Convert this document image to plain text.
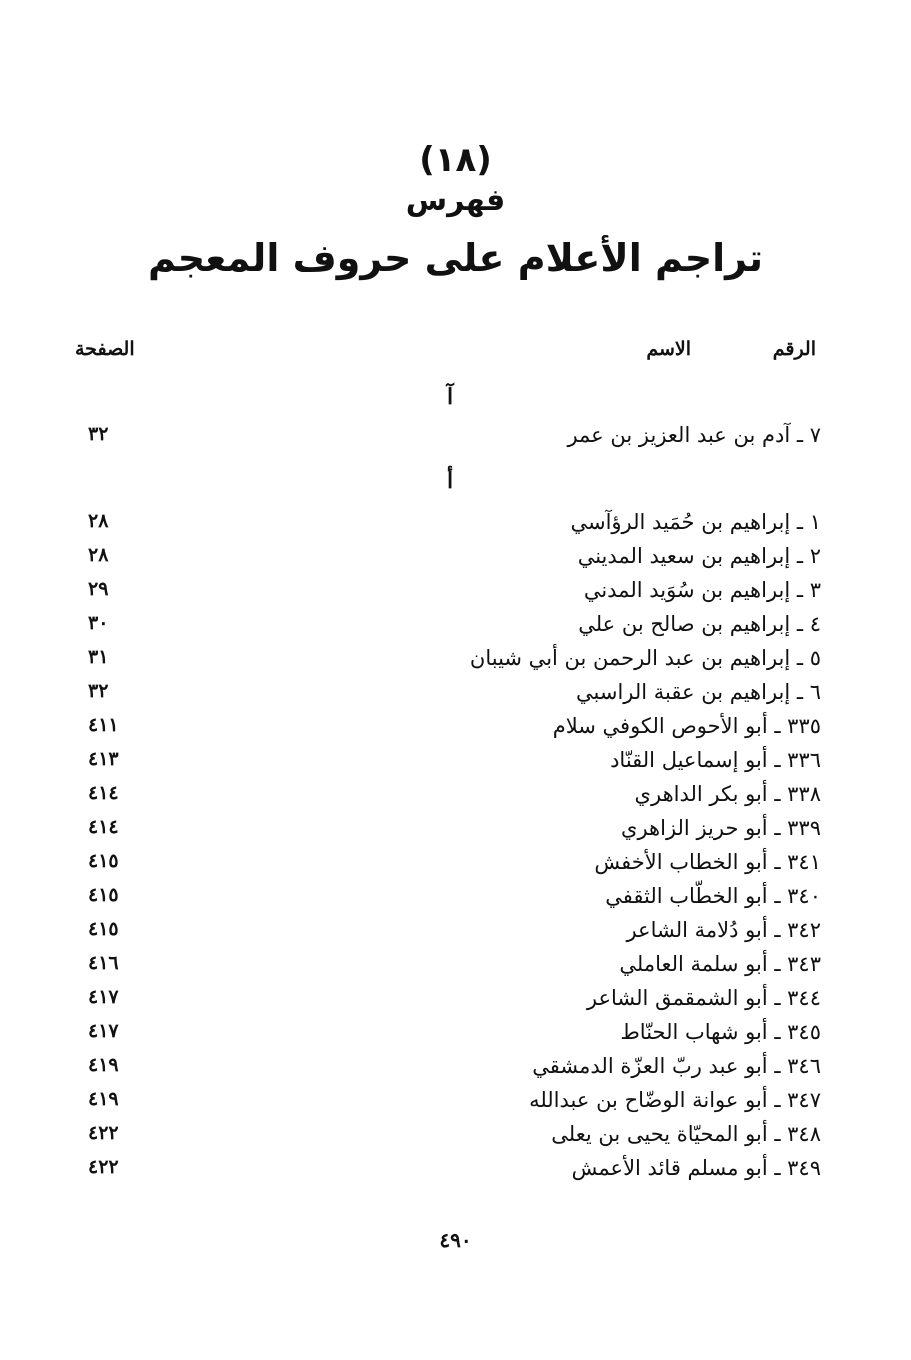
(١٨)
فهرس
تراجم الأعلام على حروف المعجم
الرقم
الاسم
الصفحة
آ
٧ ـ آدم بن عبد العزيز بن عمر
٣٢
أ
١ ـ إبراهيم بن حُمَيد الرؤآسي
٢٨
٢ ـ إبراهيم بن سعيد المديني
٢٨
٣ ـ إبراهيم بن سُوَيد المدني
٢٩
٤ ـ إبراهيم بن صالح بن علي
٣٠
٥ ـ إبراهيم بن عبد الرحمن بن أبي شيبان
٣١
٦ ـ إبراهيم بن عقبة الراسبي
٣٢
٣٣٥ ـ أبو الأحوص الكوفي سلام
٤١١
٣٣٦ ـ أبو إسماعيل القنّاد
٤١٣
٣٣٨ ـ أبو بكر الداهري
٤١٤
٣٣٩ ـ أبو حريز الزاهري
٤١٤
٣٤١ ـ أبو الخطاب الأخفش
٤١٥
٣٤٠ ـ أبو الخطّاب الثقفي
٤١٥
٣٤٢ ـ أبو دُلامة الشاعر
٤١٥
٣٤٣ ـ أبو سلمة العاملي
٤١٦
٣٤٤ ـ أبو الشمقمق الشاعر
٤١٧
٣٤٥ ـ أبو شهاب الحنّاط
٤١٧
٣٤٦ ـ أبو عبد ربّ العزّة الدمشقي
٤١٩
٣٤٧ ـ أبو عوانة الوضّاح بن عبدالله
٤١٩
٣٤٨ ـ أبو المحيّاة يحيى بن يعلى
٤٢٢
٣٤٩ ـ أبو مسلم قائد الأعمش
٤٢٢
٤٩٠
